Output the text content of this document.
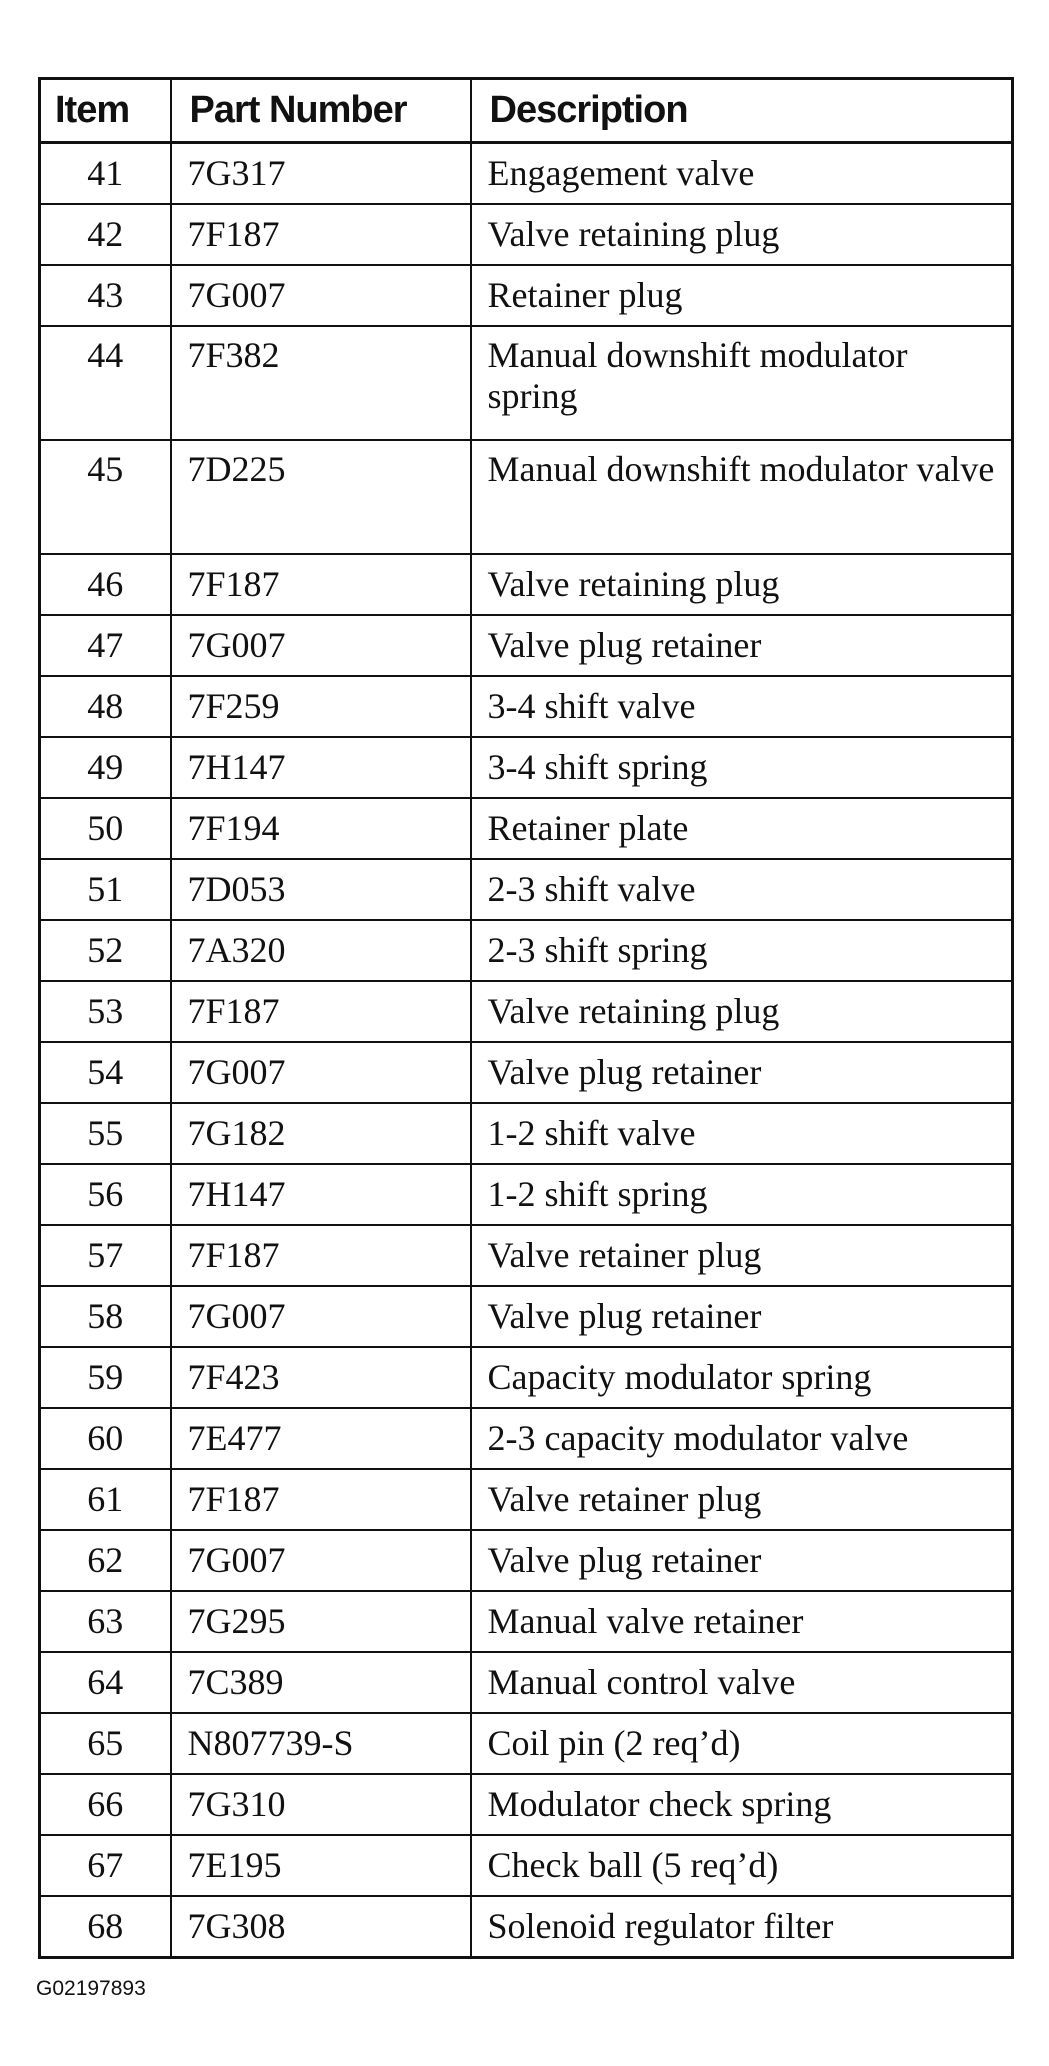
Item	Part Number	Description
41	7G317	Engagement valve
42	7F187	Valve retaining plug
43	7G007	Retainer plug
44	7F382	Manual downshift modulator spring
45	7D225	Manual downshift modulator valve
46	7F187	Valve retaining plug
47	7G007	Valve plug retainer
48	7F259	3-4 shift valve
49	7H147	3-4 shift spring
50	7F194	Retainer plate
51	7D053	2-3 shift valve
52	7A320	2-3 shift spring
53	7F187	Valve retaining plug
54	7G007	Valve plug retainer
55	7G182	1-2 shift valve
56	7H147	1-2 shift spring
57	7F187	Valve retainer plug
58	7G007	Valve plug retainer
59	7F423	Capacity modulator spring
60	7E477	2-3 capacity modulator valve
61	7F187	Valve retainer plug
62	7G007	Valve plug retainer
63	7G295	Manual valve retainer
64	7C389	Manual control valve
65	N807739-S	Coil pin (2 req’d)
66	7G310	Modulator check spring
67	7E195	Check ball (5 req’d)
68	7G308	Solenoid regulator filter
G02197893
